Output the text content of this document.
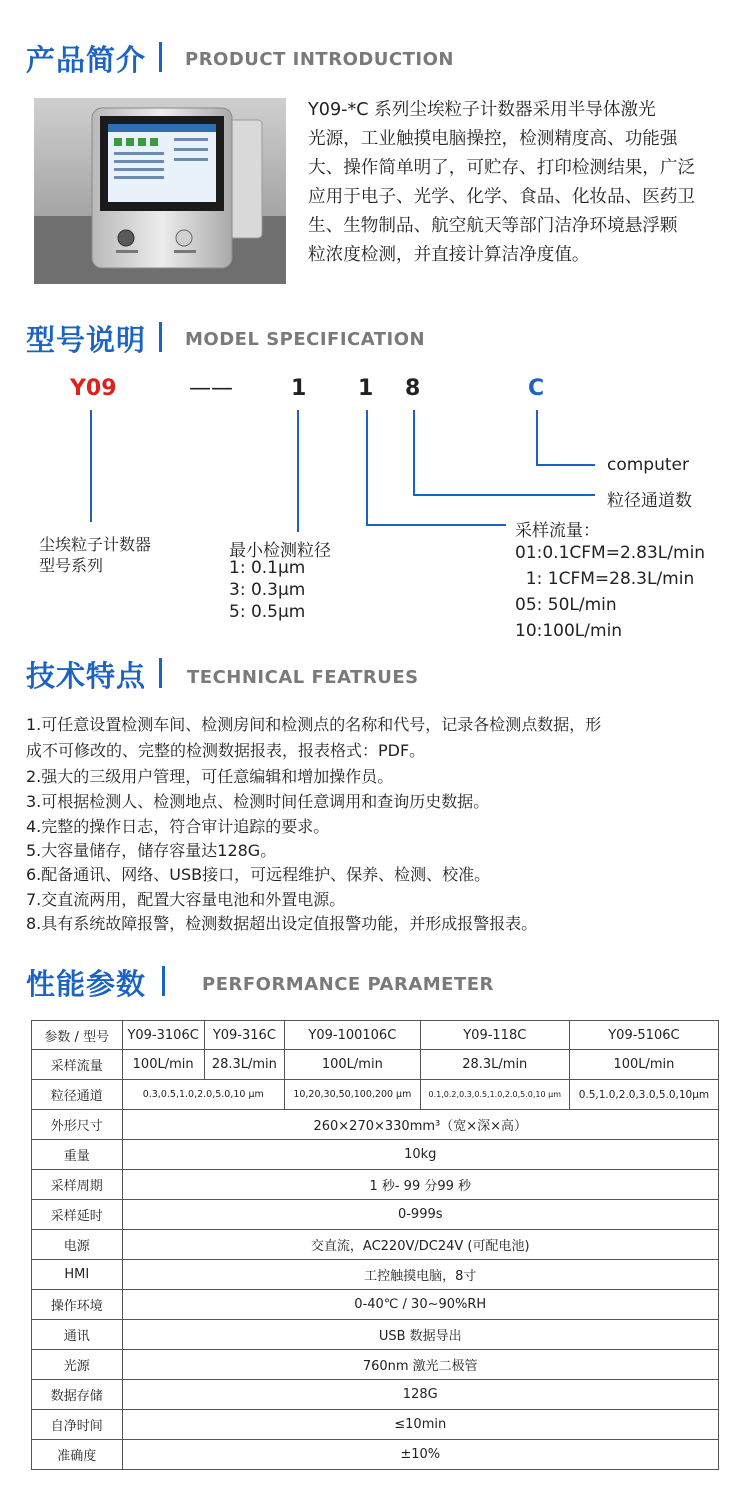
产品简介 PRODUCT INTRODUCTION
Y09-*C 系列尘埃粒子计数器采用半导体激光
光源，工业触摸电脑操控，检测精度高、功能强
大、操作简单明了，可贮存、打印检测结果，广泛
应用于电子、光学、化学、食品、化妆品、医药卫
生、生物制品、航空航天等部门洁净环境悬浮颗
粒浓度检测，并直接计算洁净度值。
型号说明 MODEL SPECIFICATION
Y09	——	1 1 8	C
computer
粒径通道数
采样流量：
01:0.1CFM=2.83L/min
1: 1CFM=28.3L/min
05: 50L/min
10:100L/min
尘埃粒子计数器
型号系列
最小检测粒径
1: 0.1μm
3: 0.3μm
5: 0.5μm
技术特点 TECHNICAL FEATRUES
1.可任意设置检测车间、检测房间和检测点的名称和代号，记录各检测点数据，形
成不可修改的、完整的检测数据报表，报表格式：PDF。
2.强大的三级用户管理，可任意编辑和增加操作员。
3.可根据检测人、检测地点、检测时间任意调用和查询历史数据。
4.完整的操作日志，符合审计追踪的要求。
5.大容量储存，储存容量达128G。
6.配备通讯、网络、USB接口，可远程维护、保养、检测、校准。
7.交直流两用，配置大容量电池和外置电源。
8.具有系统故障报警，检测数据超出设定值报警功能，并形成报警报表。
性能参数	PERFORMANCE PARAMETER
参数 / 型号	Y09-3106C	Y09-316C	Y09-100106C	Y09-118C	Y09-5106C
采样流量	100L/min	28.3L/min	100L/min	28.3L/min	100L/min
粒径通道	0.3,0.5,1.0,2.0,5.0,10 μm		10,20,30,50,100,200 μm	0.1,0.2,0.3,0.5,1.0,2.0,5.0,10 μm	0.5,1.0,2.0,3.0,5.0,10μm
外形尺寸	260×270×330mm³（宽×深×高）				
重量	10kg				
采样周期	1 秒- 99 分99 秒				
采样延时	0-999s				
电源	交直流，AC220V/DC24V (可配电池)				
HMI	工控触摸电脑，8寸				
操作环境	0-40℃ / 30~90%RH				
通讯	USB 数据导出				
光源	760nm 激光二极管				
数据存储	128G				
自净时间	≤10min				
准确度	±10%				
